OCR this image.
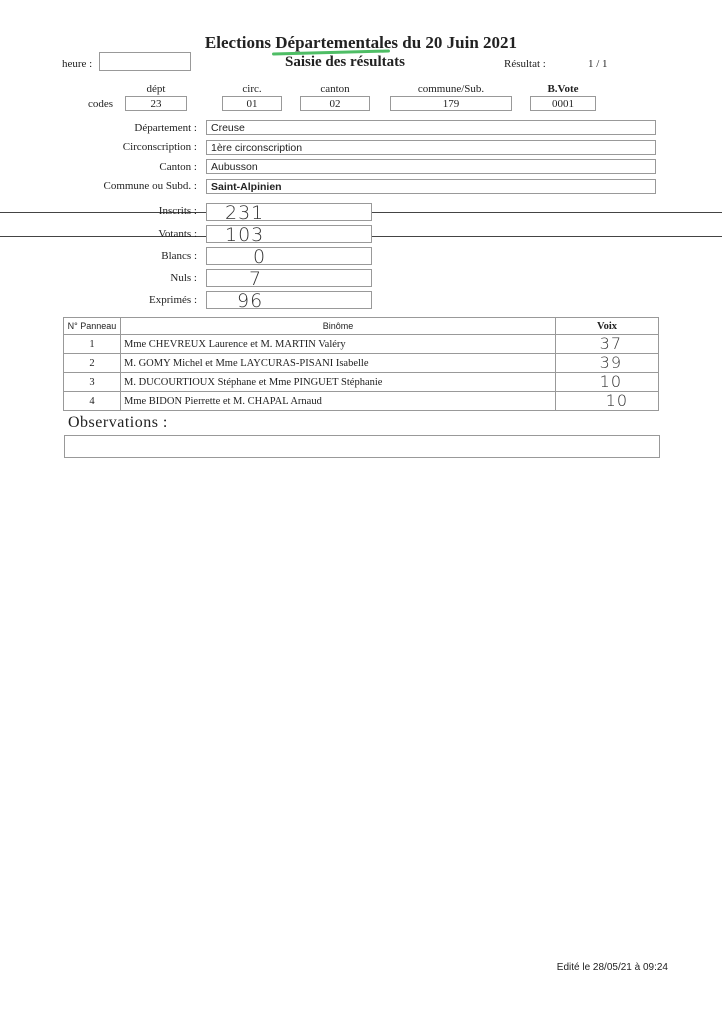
Elections Départementales du 20 Juin 2021
heure :	Saisie des résultats	Résultat :	1 / 1
dépt	circ.	canton	commune/Sub.	B.Vote
codes	23	01	02	179	0001
Département :	Creuse
Circonscription :	1ère circonscription
Canton :	Aubusson
Commune ou Subd. :	Saint-Alpinien
Inscrits : 231
Votants : 103
Blancs :	0
Nuls :	7
Exprimés : 96
N° Panneau	Binôme	Voix
1	Mme CHEVREUX Laurence et M. MARTIN Valéry	37
2	M. GOMY Michel et Mme LAYCURAS-PISANI Isabelle	39
3	M. DUCOURTIOUX Stéphane et Mme PINGUET Stéphanie	10
4	Mme BIDON Pierrette et M. CHAPAL Arnaud	10
Observations :
Edité le 28/05/21 à 09:24
